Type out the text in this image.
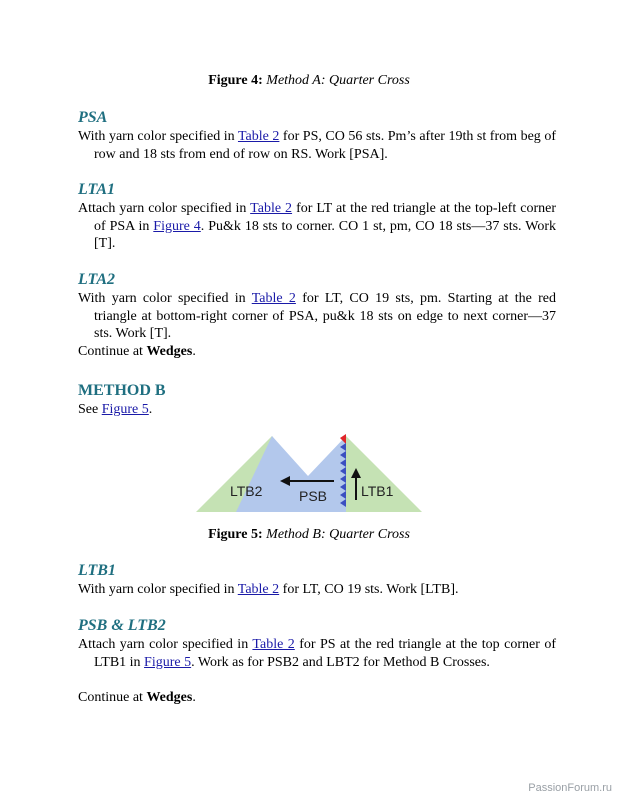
Figure 4: Method A: Quarter Cross
PSA

With yarn color specified in Table 2 for PS, CO 56 sts. Pm’s after 19th st from beg of row and 18 sts from end of row on RS. Work [PSA].

LTA1

Attach yarn color specified in Table 2 for LT at the red triangle at the top-left corner of PSA in Figure 4. Pu&k 18 sts to corner. CO 1 st, pm, CO 18 sts—37 sts. Work [T].

LTA2

With yarn color specified in Table 2 for LT, CO 19 sts, pm. Starting at the red triangle at bottom-right corner of PSA, pu&k 18 sts on edge to next corner—37 sts. Work [T].

Continue at Wedges.

METHOD B

See Figure 5.

LTB2	PSB LTB1
Figure 5: Method B: Quarter Cross
LTB1

With yarn color specified in Table 2 for LT, CO 19 sts. Work [LTB].

PSB & LTB2

Attach yarn color specified in Table 2 for PS at the red triangle at the top corner of LTB1 in Figure 5. Work as for PSB2 and LBT2 for Method B Crosses.

Continue at Wedges.

PassionForum.ru
